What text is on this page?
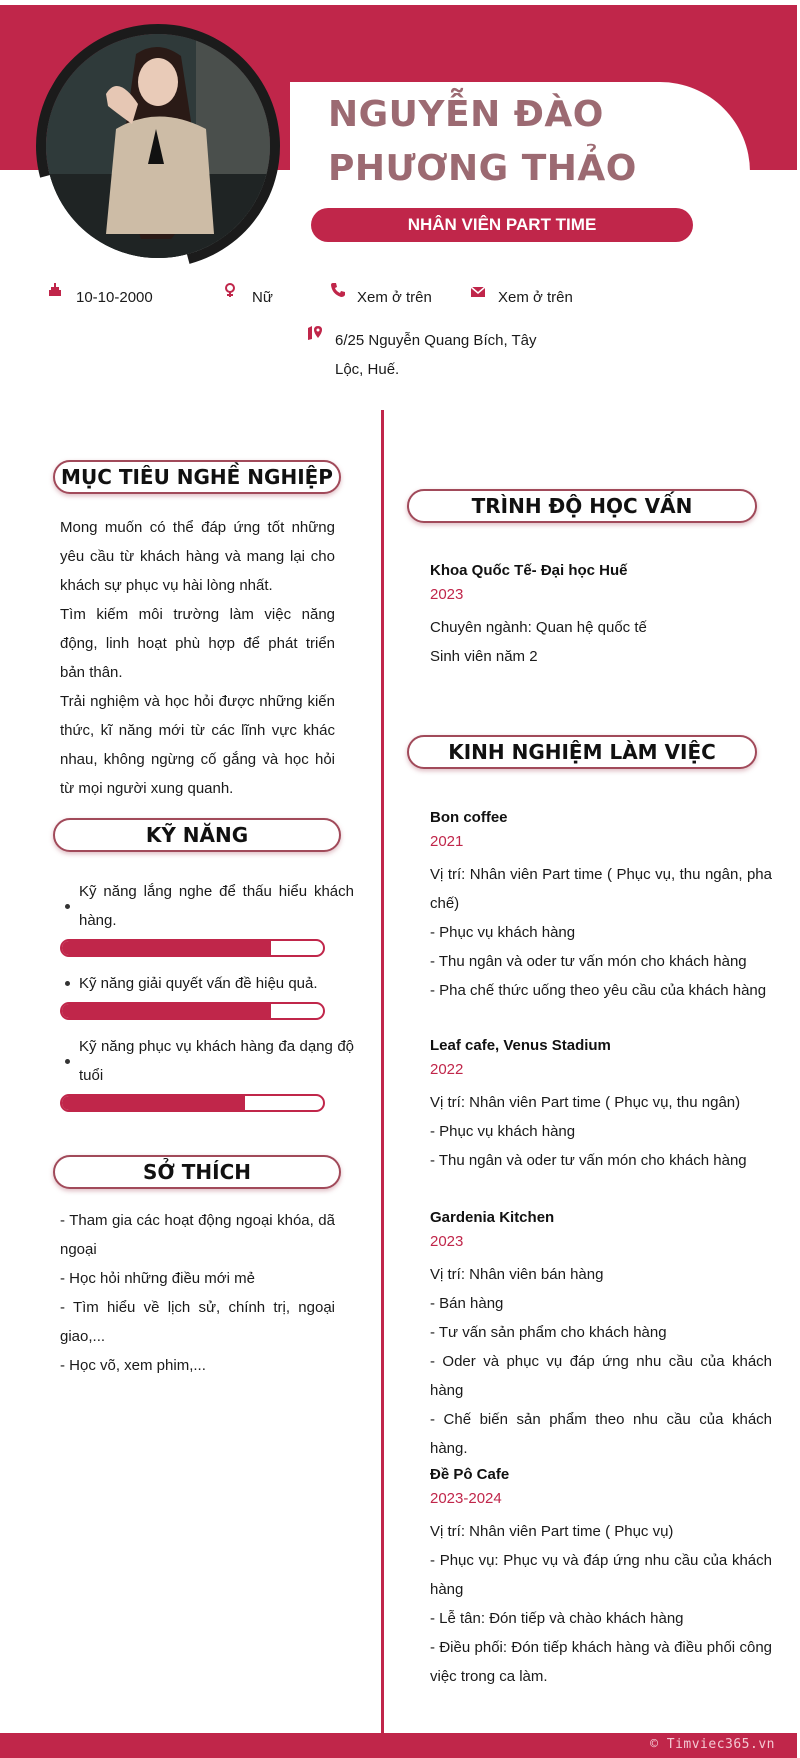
NGUYỄN ĐÀO
PHƯƠNG THẢO
NHÂN VIÊN PART TIME
10-10-2000	Nữ	Xem ở trên	Xem ở trên
6/25 Nguyễn Quang Bích, Tây
Lộc, Huế.
MỤC TIÊU NGHỀ NGHIỆP

Mong muốn có thể đáp ứng tốt những yêu cầu từ khách hàng và mang lại cho khách sự phục vụ hài lòng nhất.

Tìm kiếm môi trường làm việc năng động, linh hoạt phù hợp để phát triển bản thân.

Trải nghiệm và học hỏi được những kiến thức, kĩ năng mới từ các lĩnh vực khác nhau, không ngừng cố gắng và học hỏi từ mọi người xung quanh.

KỸ NĂNG
Kỹ năng lắng nghe để thấu hiểu khách hàng.
Kỹ năng giải quyết vấn đề hiệu quả.
Kỹ năng phục vụ khách hàng đa dạng độ tuổi
SỞ THÍCH

- Tham gia các hoạt động ngoại khóa, dã ngoại

- Học hỏi những điều mới mẻ

- Tìm hiểu về lịch sử, chính trị, ngoại giao,...

- Học võ, xem phim,...

TRÌNH ĐỘ HỌC VẤN
Khoa Quốc Tế- Đại học Huế
2023
Chuyên ngành: Quan hệ quốc tế
Sinh viên năm 2
KINH NGHIỆM LÀM VIỆC
Bon coffee
2021
Vị trí: Nhân viên Part time ( Phục vụ, thu ngân, pha chế)
- Phục vụ khách hàng
- Thu ngân và oder tư vấn món cho khách hàng
- Pha chế thức uống theo yêu cầu của khách hàng
Leaf cafe, Venus Stadium
2022
Vị trí: Nhân viên Part time ( Phục vụ, thu ngân)
- Phục vụ khách hàng
- Thu ngân và oder tư vấn món cho khách hàng
Gardenia Kitchen
2023
Vị trí: Nhân viên bán hàng
- Bán hàng
- Tư vấn sản phẩm cho khách hàng
- Oder và phục vụ đáp ứng nhu cầu của khách hàng
- Chế biến sản phẩm theo nhu cầu của khách hàng.
Đề Pô Cafe
2023-2024
Vị trí: Nhân viên Part time ( Phục vụ)
- Phục vụ: Phục vụ và đáp ứng nhu cầu của khách hàng
- Lễ tân: Đón tiếp và chào khách hàng
- Điều phối: Đón tiếp khách hàng và điều phối công việc trong ca làm.
© Timviec365.vn
